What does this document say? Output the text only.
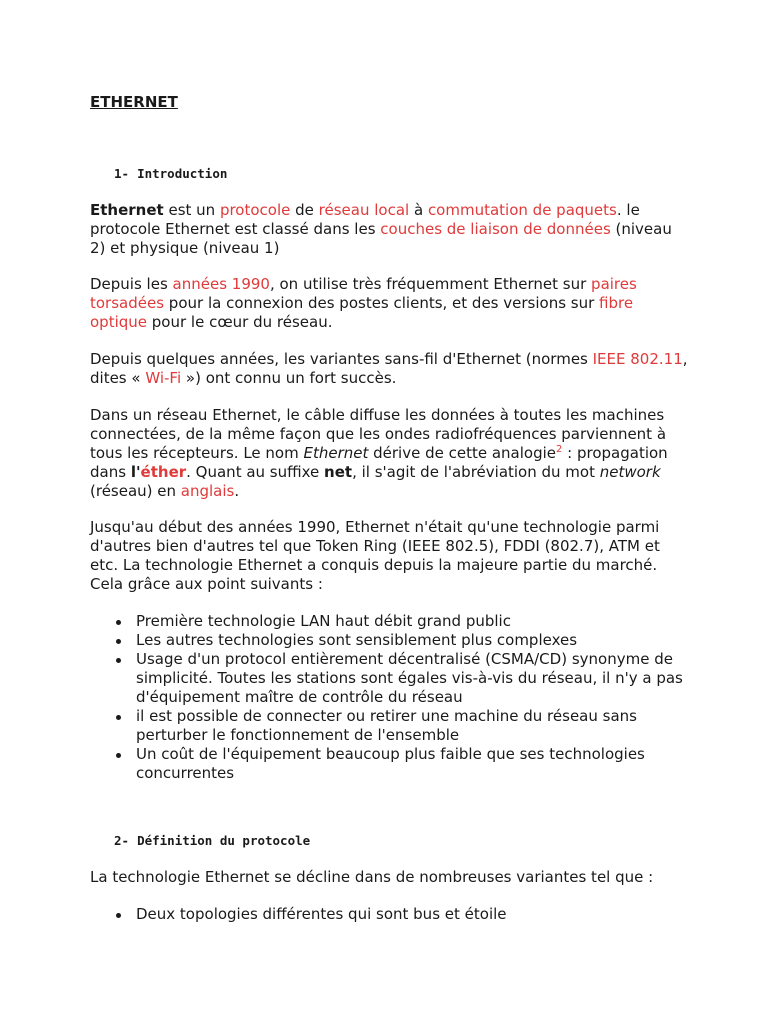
ETHERNET
1- Introduction

Ethernet est un protocole de réseau local à commutation de paquets. le protocole Ethernet est classé dans les couches de liaison de données (niveau 2) et physique (niveau 1)

Depuis les années 1990, on utilise très fréquemment Ethernet sur paires torsadées pour la connexion des postes clients, et des versions sur fibre optique pour le cœur du réseau.

Depuis quelques années, les variantes sans-fil d'Ethernet (normes IEEE 802.11, dites « Wi-Fi ») ont connu un fort succès.

Dans un réseau Ethernet, le câble diffuse les données à toutes les machines connectées, de la même façon que les ondes radiofréquences parviennent à tous les récepteurs. Le nom Ethernet dérive de cette analogie$^2$ : propagation dans l'éther. Quant au suffixe net, il s'agit de l'abréviation du mot network (réseau) en anglais.

Jusqu'au début des années 1990, Ethernet n'était qu'une technologie parmi d'autres bien d'autres tel que Token Ring (IEEE 802.5), FDDI (802.7), ATM et etc. La technologie Ethernet a conquis depuis la majeure partie du marché. Cela grâce aux point suivants :

Première technologie LAN haut débit grand public
Les autres technologies sont sensiblement plus complexes
Usage d'un protocol entièrement décentralisé (CSMA/CD) synonyme de simplicité. Toutes les stations sont égales vis-à-vis du réseau, il n'y a pas d'équipement maître de contrôle du réseau
il est possible de connecter ou retirer une machine du réseau sans perturber le fonctionnement de l'ensemble
Un coût de l'équipement beaucoup plus faible que ses technologies concurrentes
2- Définition du protocole

La technologie Ethernet se décline dans de nombreuses variantes tel que :

Deux topologies différentes qui sont bus et étoile
